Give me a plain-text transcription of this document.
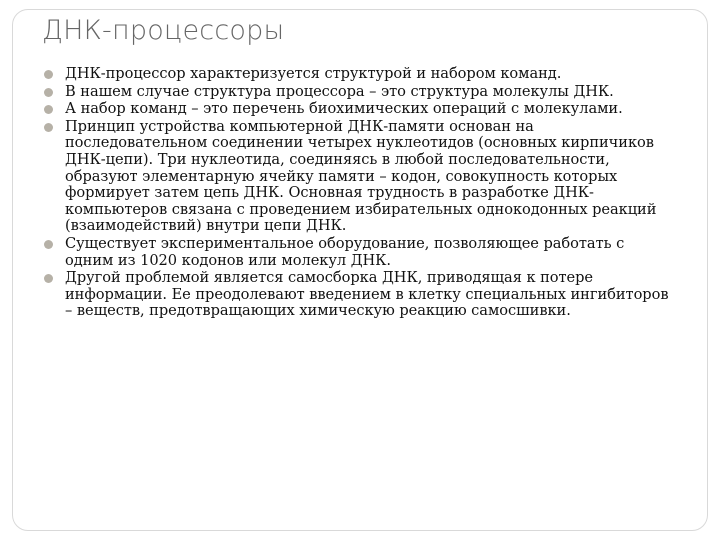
ДНК-процессоры
ДНК-процессор характеризуется структурой и набором команд.
В нашем случае структура процессора – это структура молекулы ДНК.
А набор команд – это перечень биохимических операций с молекулами.
Принцип устройства компьютерной ДНК-памяти основан на последовательном соединении четырех нуклеотидов (основных кирпичиков ДНК-цепи). Три нуклеотида, соединяясь в любой последовательности, образуют элементарную ячейку памяти – кодон, совокупность которых формирует затем цепь ДНК. Основная трудность в разработке ДНК-компьютеров связана с проведением избирательных однокодонных реакций (взаимодействий) внутри цепи ДНК.
Существует экспериментальное оборудование, позволяющее работать с одним из 1020 кодонов или молекул ДНК.
Другой проблемой является самосборка ДНК, приводящая к потере информации. Ее преодолевают введением в клетку специальных ингибиторов – веществ, предотвращающих химическую реакцию самосшивки.
